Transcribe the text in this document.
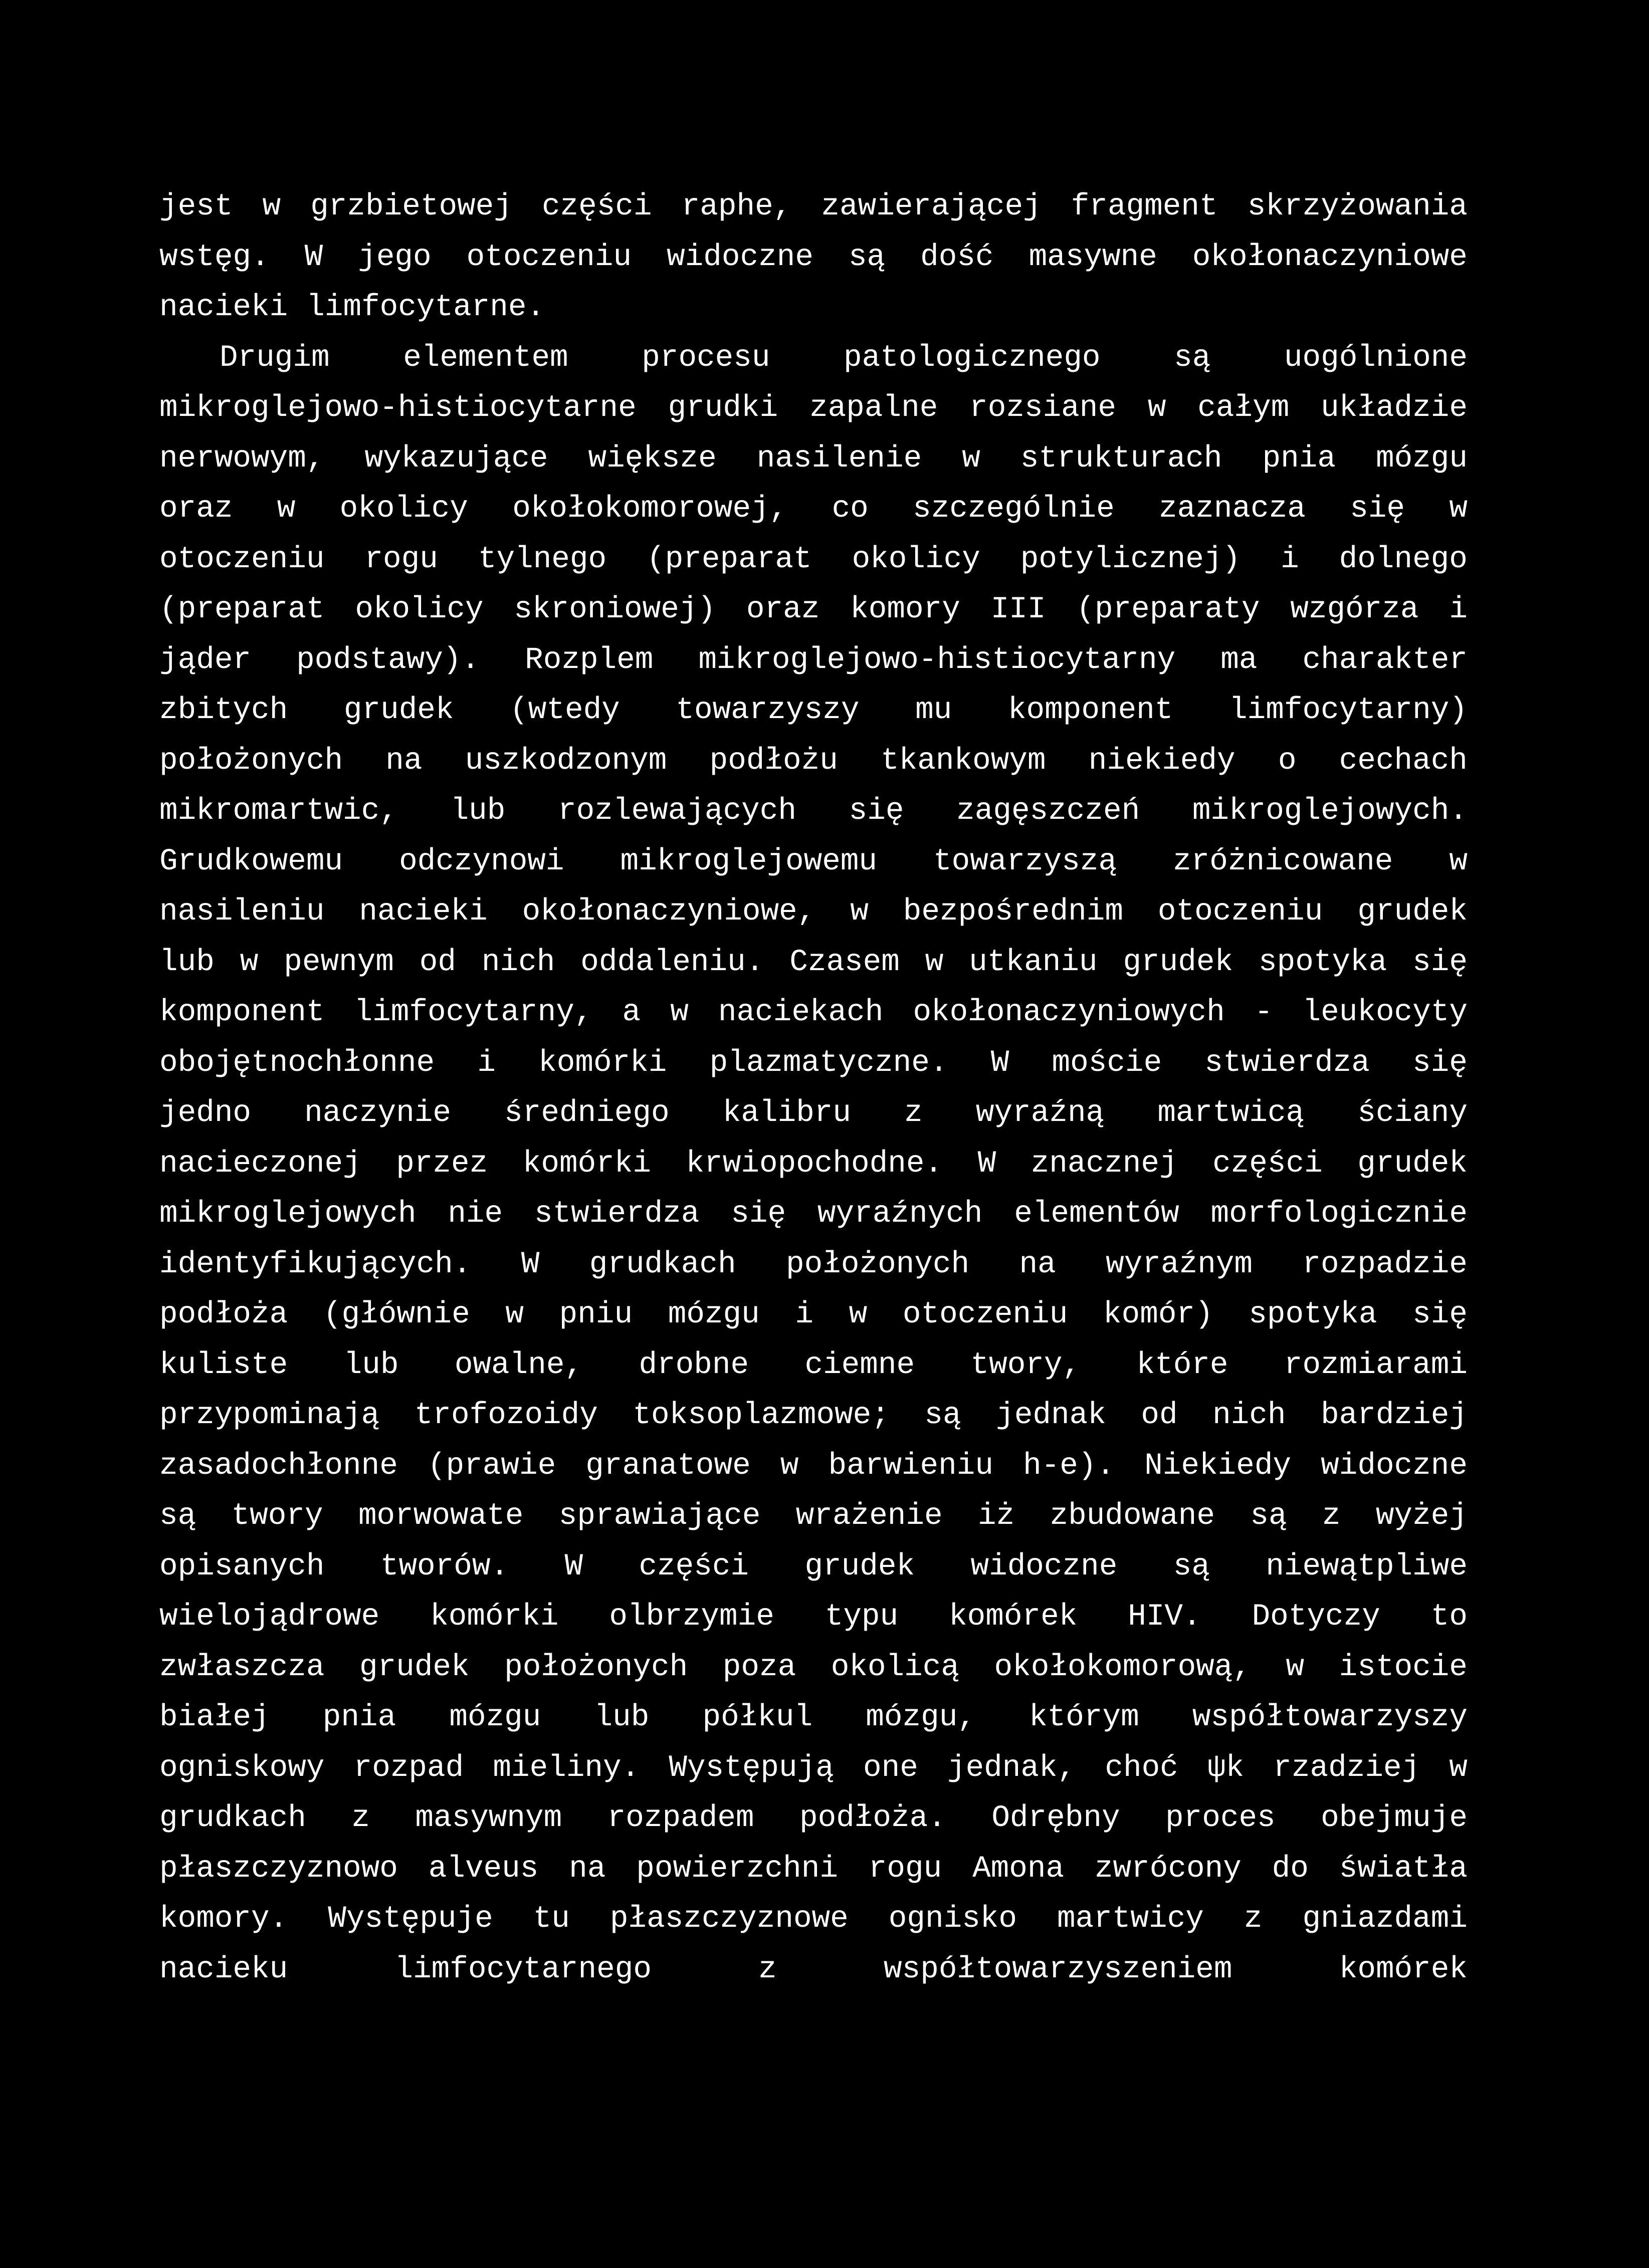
jest w grzbietowej części raphe, zawierającej fragment skrzyżowania
wstęg. W jego otoczeniu widoczne są dość masywne okołonaczyniowe
nacieki limfocytarne.
Drugim elementem procesu patologicznego są uogólnione
mikroglejowo-histiocytarne grudki zapalne rozsiane w całym układzie
nerwowym, wykazujące większe nasilenie w strukturach pnia mózgu
oraz w okolicy okołokomorowej, co szczególnie zaznacza się w
otoczeniu rogu tylnego (preparat okolicy potylicznej) i dolnego
(preparat okolicy skroniowej) oraz komory III (preparaty wzgórza i
jąder podstawy). Rozplem mikroglejowo-histiocytarny ma charakter
zbitych grudek (wtedy towarzyszy mu komponent limfocytarny)
położonych na uszkodzonym podłożu tkankowym niekiedy o cechach
mikromartwic, lub rozlewających się zagęszczeń mikroglejowych.
Grudkowemu odczynowi mikroglejowemu towarzyszą zróżnicowane w
nasileniu nacieki okołonaczyniowe, w bezpośrednim otoczeniu grudek
lub w pewnym od nich oddaleniu. Czasem w utkaniu grudek spotyka się
komponent limfocytarny, a w naciekach okołonaczyniowych - leukocyty
obojętnochłonne i komórki plazmatyczne. W moście stwierdza się
jedno naczynie średniego kalibru z wyraźną martwicą ściany
nacieczonej przez komórki krwiopochodne. W znacznej części grudek
mikroglejowych nie stwierdza się wyraźnych elementów morfologicznie
identyfikujących. W grudkach położonych na wyraźnym rozpadzie
podłoża (głównie w pniu mózgu i w otoczeniu komór) spotyka się
kuliste lub owalne, drobne ciemne twory, które rozmiarami
przypominają trofozoidy toksoplazmowe; są jednak od nich bardziej
zasadochłonne (prawie granatowe w barwieniu h-e). Niekiedy widoczne
są twory morwowate sprawiające wrażenie iż zbudowane są z wyżej
opisanych tworów. W części grudek widoczne są niewątpliwe
wielojądrowe komórki olbrzymie typu komórek HIV. Dotyczy to
zwłaszcza grudek położonych poza okolicą okołokomorową, w istocie
białej pnia mózgu lub półkul mózgu, którym współtowarzyszy
ogniskowy rozpad mieliny. Występują one jednak, choć ψk rzadziej w
grudkach z masywnym rozpadem podłoża. Odrębny proces obejmuje
płaszczyznowo alveus na powierzchni rogu Amona zwrócony do światła
komory. Występuje tu płaszczyznowe ognisko martwicy z gniazdami
nacieku	limfocytarnego	z	współtowarzyszeniem	komórek
